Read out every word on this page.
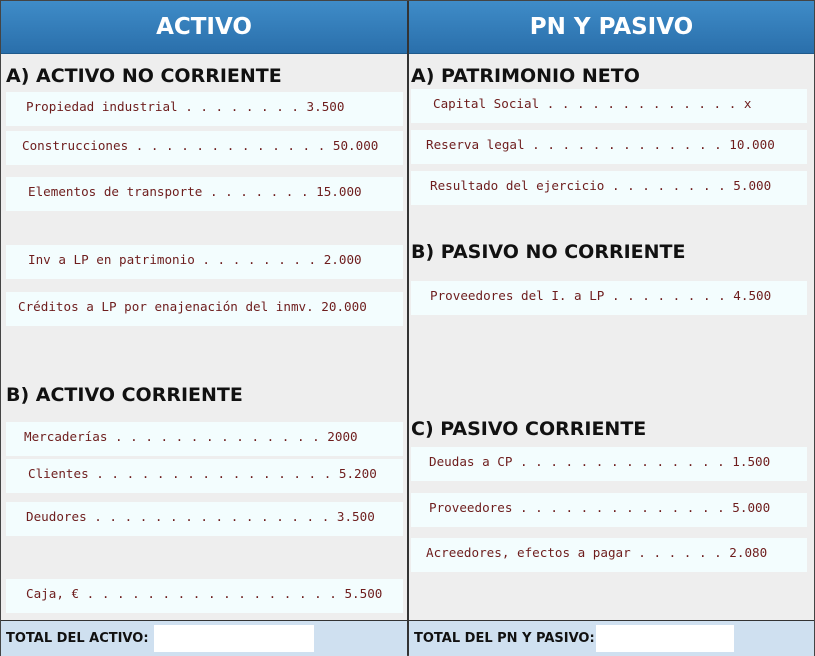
ACTIVO	PN Y PASIVO
A) ACTIVO NO CORRIENTE
Propiedad industrial . . . . . . . . 3.500
Construcciones . . . . . . . . . . . . . 50.000
Elementos de transporte . . . . . . . 15.000
Inv a LP en patrimonio . . . . . . . . 2.000
Créditos a LP por enajenación del inmv. 20.000
B) ACTIVO CORRIENTE
Mercaderías . . . . . . . . . . . . . . 2000
Clientes . . . . . . . . . . . . . . . . 5.200
Deudores . . . . . . . . . . . . . . . . 3.500
Caja, € . . . . . . . . . . . . . . . . . 5.500
A) PATRIMONIO NETO
Capital Social . . . . . . . . . . . . . x
Reserva legal . . . . . . . . . . . . . 10.000
Resultado del ejercicio . . . . . . . . 5.000
B) PASIVO NO CORRIENTE
Proveedores del I. a LP . . . . . . . . 4.500
C) PASIVO CORRIENTE
Deudas a CP . . . . . . . . . . . . . . 1.500
Proveedores . . . . . . . . . . . . . . 5.000
Acreedores, efectos a pagar . . . . . . 2.080
TOTAL DEL ACTIVO:	TOTAL DEL PN Y PASIVO:
